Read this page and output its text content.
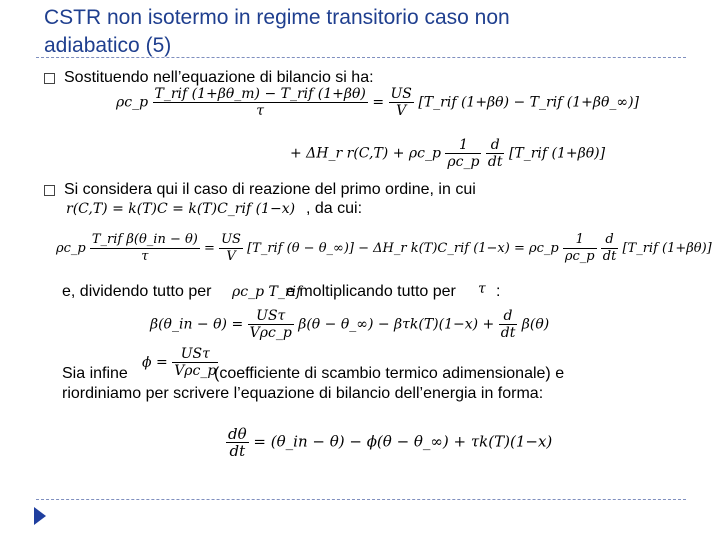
CSTR non isotermo in regime transitorio caso non
adiabatico (5)
Sostituendo nell’equazione di bilancio si ha:
ρc_p $\frac{\text{T\_rif (1+βθ\_m) − T\_rif (1+βθ)}}{\tau} = \frac{US}{V}$ [T_rif (1+βθ) − T_rif (1+βθ_∞)]
+ ΔH_r r(C,T) + ρc_p $\frac{1}{\rho c\_p}$
$\frac{d}{dt}$ [T_rif (1+βθ)]
Si considera qui il caso di reazione del primo ordine, in cui
r(C,T) = k(T)C = k(T)C_rif (1−x) , da cui:
ρc_p $\frac{\text{T\_rif β(θ\_in − θ)}}{\tau} = \frac{US}{V}$ [T_rif (θ − θ_∞)] − ΔH_r k(T)C_rif (1−x) = ρc_p $\frac{1}{\rho c\_p}$
$\frac{d}{dt}$ [T_rif (1+βθ)]
e, dividendo tutto per ρc_p T_rif
e moltiplicando tutto per τ :
β(θ_in − $\theta) = \frac{\text{USτ}}{\text{Vρc\_p}} \beta(\theta$ − θ_∞) − $\beta\tau k(T)(1-x) + \frac{d}{dt} \beta(\theta)$
Sia infine
$\phi = \frac{\text{USτ}}{\text{Vρc\_p}}$
(coefficiente di scambio termico adimensionale) e
riordiniamo per scrivere l’equazione di bilancio dell’energia in forma:
$\frac{d\theta}{dt}$ = (θ_in − θ) − ϕ(θ − θ_∞) + τk(T)(1−x)
